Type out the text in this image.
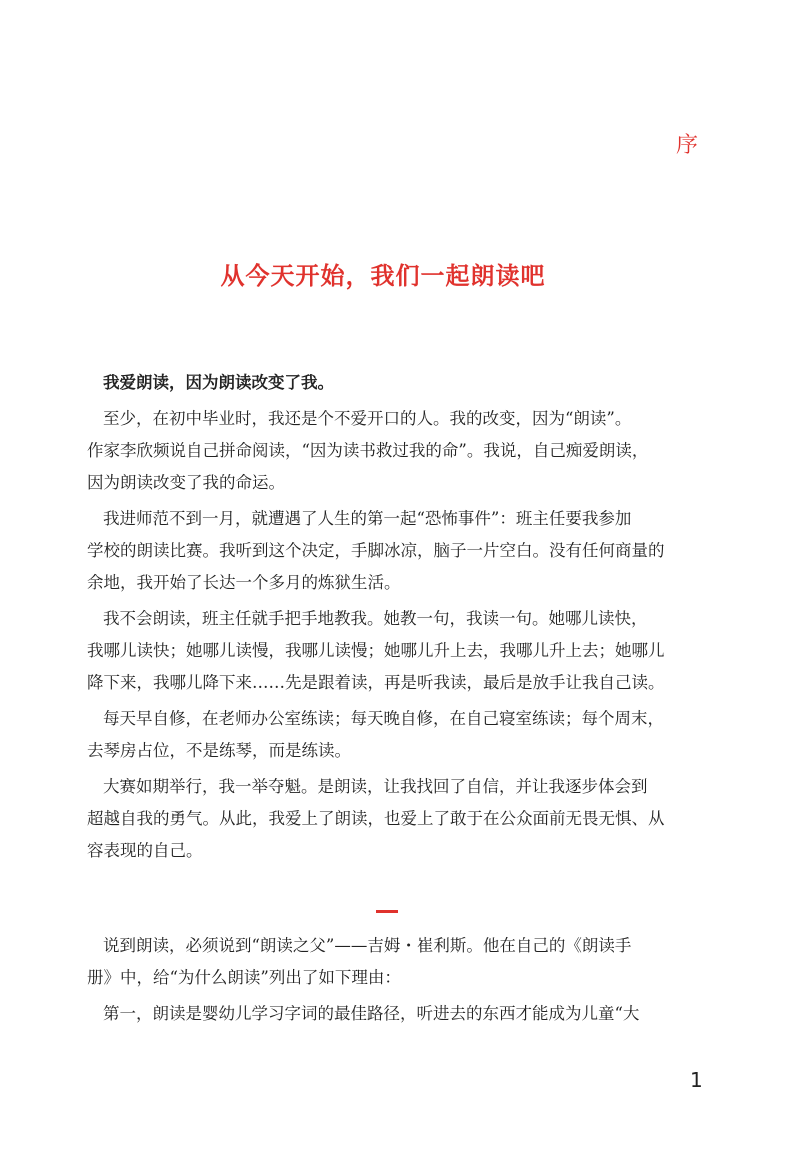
序
从今天开始，我们一起朗读吧

我爱朗读，因为朗读改变了我。

至少，在初中毕业时，我还是个不爱开口的人。我的改变，因为“朗读”。

作家李欣频说自己拼命阅读，“因为读书救过我的命”。我说，自己痴爱朗读，

因为朗读改变了我的命运。

我进师范不到一月，就遭遇了人生的第一起“恐怖事件”：班主任要我参加

学校的朗读比赛。我听到这个决定，手脚冰凉，脑子一片空白。没有任何商量的

余地，我开始了长达一个多月的炼狱生活。

我不会朗读，班主任就手把手地教我。她教一句，我读一句。她哪儿读快，

我哪儿读快；她哪儿读慢，我哪儿读慢；她哪儿升上去，我哪儿升上去；她哪儿

降下来，我哪儿降下来……先是跟着读，再是听我读，最后是放手让我自己读。

每天早自修，在老师办公室练读；每天晚自修，在自己寝室练读；每个周末，

去琴房占位，不是练琴，而是练读。

大赛如期举行，我一举夺魁。是朗读，让我找回了自信，并让我逐步体会到

超越自我的勇气。从此，我爱上了朗读，也爱上了敢于在公众面前无畏无惧、从

容表现的自己。

说到朗读，必须说到“朗读之父”——吉姆・崔利斯。他在自己的《朗读手

册》中，给“为什么朗读”列出了如下理由：

第一，朗读是婴幼儿学习字词的最佳路径，听进去的东西才能成为儿童“大

1
